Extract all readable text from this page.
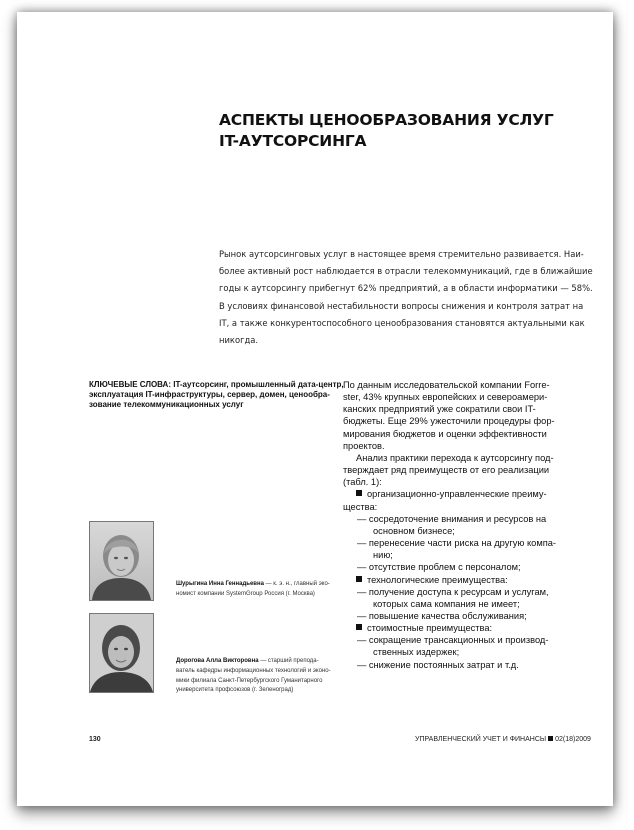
АСПЕКТЫ ЦЕНООБРАЗОВАНИЯ УСЛУГ
IT-АУТСОРСИНГА
Рынок аутсорсинговых услуг в настоящее время стремительно развивается. Наи-
более активный рост наблюдается в отрасли телекоммуникаций, где в ближайшие
годы к аутсорсингу прибегнут 62% предприятий, а в области информатики — 58%.
В условиях финансовой нестабильности вопросы снижения и контроля затрат на
IT, а также конкурентоспособного ценообразования становятся актуальными как
никогда.
КЛЮЧЕВЫЕ СЛОВА: IT-аутсорсинг, промышленный дата-центр,
эксплуатация IT-инфраструктуры, сервер, домен, ценообра-
зование телекоммуникационных услуг
Шурыгина Инна Геннадьевна — к. э. н., главный эко-
номист компании SystemGroup Россия (г. Москва)
Дорогова Алла Викторовна — старший препода-
ватель кафедры информационных технологий и эконо-
мики филиала Санкт-Петербургского Гуманитарного
университета профсоюзов (г. Зеленоград)
По данным исследовательской компании Forre-
ster, 43% крупных европейских и североамери-
канских предприятий уже сократили свои IT-
бюджеты. Еще 29% ужесточили процедуры фор-
мирования бюджетов и оценки эффективности
проектов.
Анализ практики перехода к аутсорсингу под-
тверждает ряд преимуществ от его реализации
(табл. 1):
организационно-управленческие преиму-
щества:
— сосредоточение внимания и ресурсов на
основном бизнесе;
— перенесение части риска на другую компа-
нию;
— отсутствие проблем с персоналом;
технологические преимущества:
— получение доступа к ресурсам и услугам,
которых сама компания не имеет;
— повышение качества обслуживания;
стоимостные преимущества:
— сокращение трансакционных и производ-
ственных издержек;
— снижение постоянных затрат и т.д.
130	УПРАВЛЕНЧЕСКИЙ УЧЕТ И ФИНАНСЫ 02(18)2009
